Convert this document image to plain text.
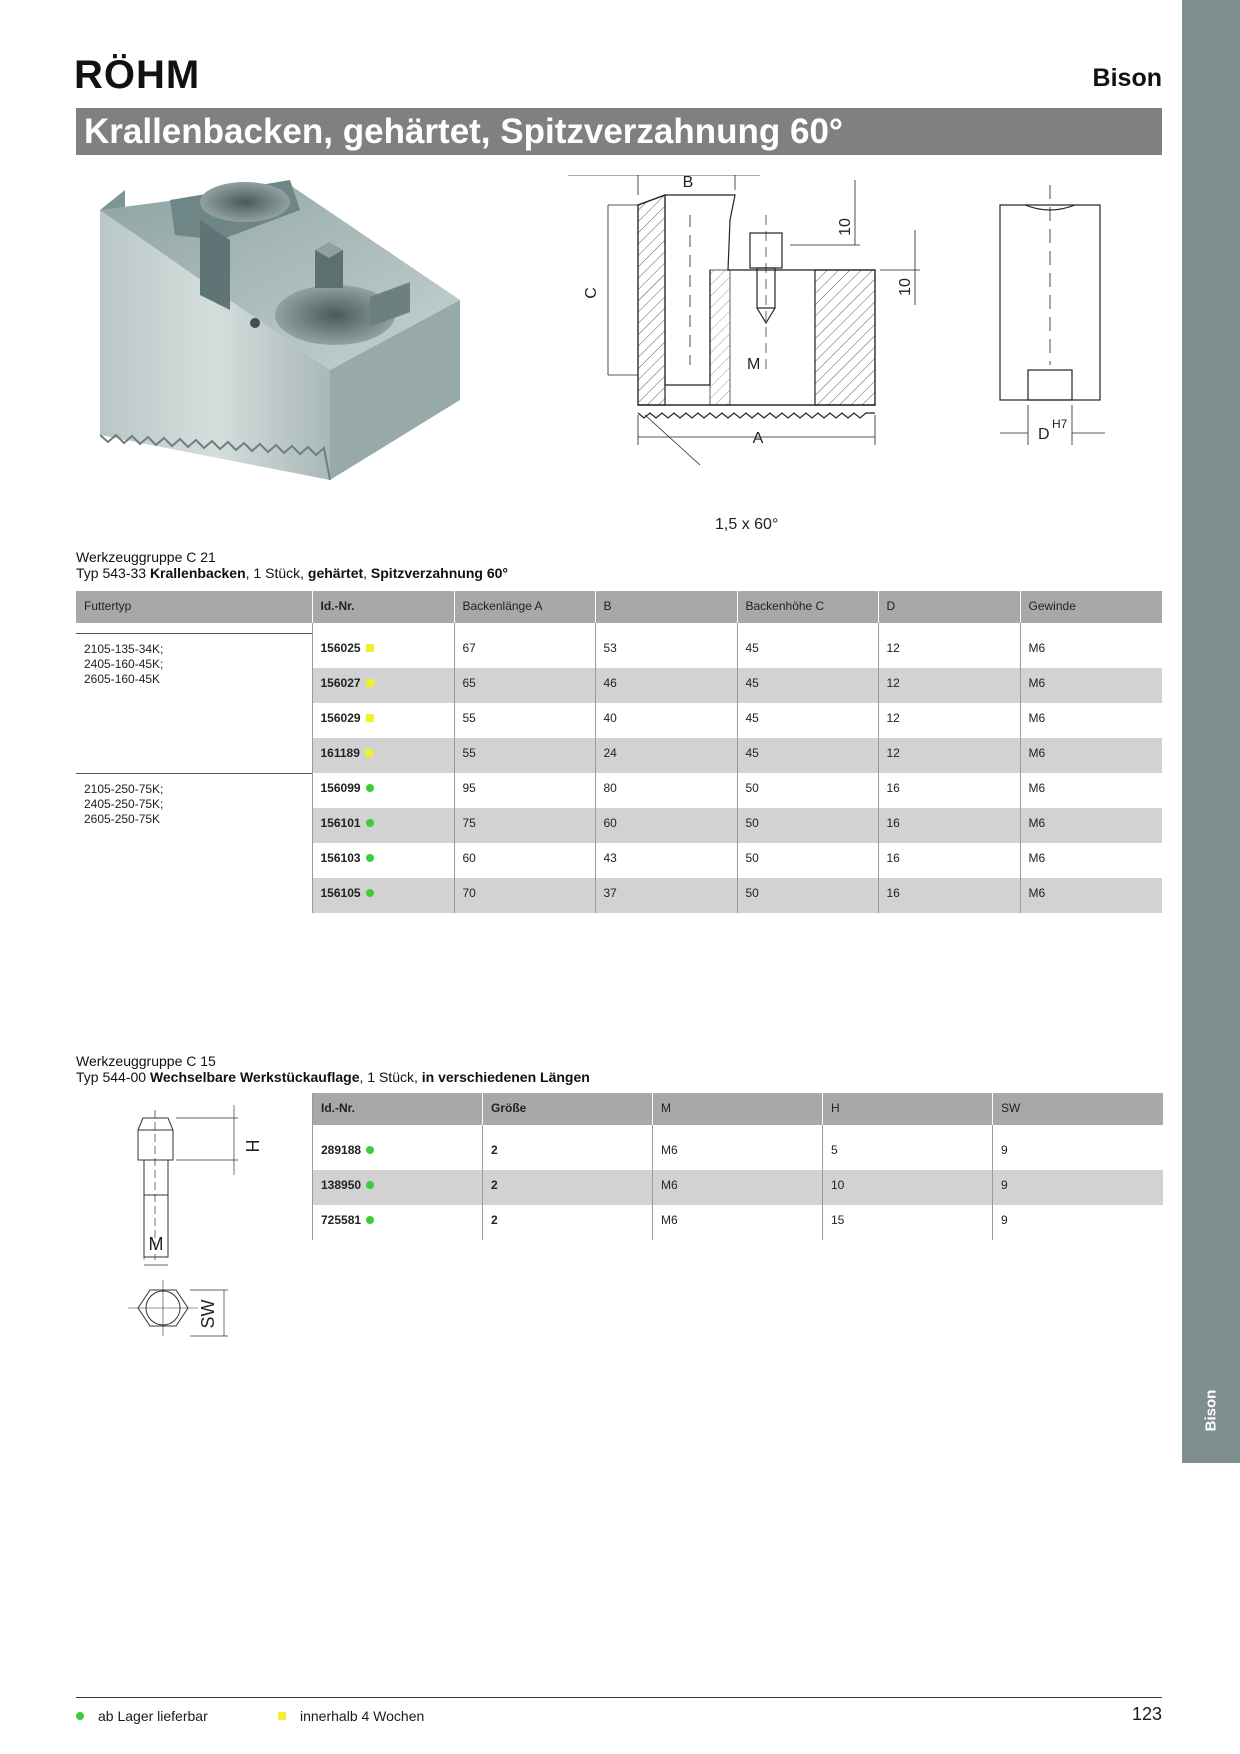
Bison
RÖHM	Bison
Krallenbacken, gehärtet, Spitzverzahnung 60°
B
C
M
A
10
10
1,5 x 60°
D
H7
Werkzeuggruppe C 21
Typ 543-33 Krallenbacken, 1 Stück, gehärtet, Spitzverzahnung 60°
Futtertyp	Id.-Nr.	Backenlänge A	B	Backenhöhe C	D	Gewinde

2105-135-34K;
2405-160-45K;
2605-160-45K	156025	67	53	45	12	M6
	156027	65	46	45	12	M6
	156029	55	40	45	12	M6
	161189	55	24	45	12	M6

2105-250-75K;
2405-250-75K;
2605-250-75K	156099	95	80	50	16	M6
	156101	75	60	50	16	M6
	156103	60	43	50	16	M6
	156105	70	37	50	16	M6
Werkzeuggruppe C 15
Typ 544-00 Wechselbare Werkstückauflage, 1 Stück, in verschiedenen Längen
H
M
SW
Id.-Nr.	Größe	M	H	SW

289188	2	M6	5	9
138950	2	M6	10	9
725581	2	M6	15	9
ab Lager lieferbar	innerhalb 4 Wochen	123
